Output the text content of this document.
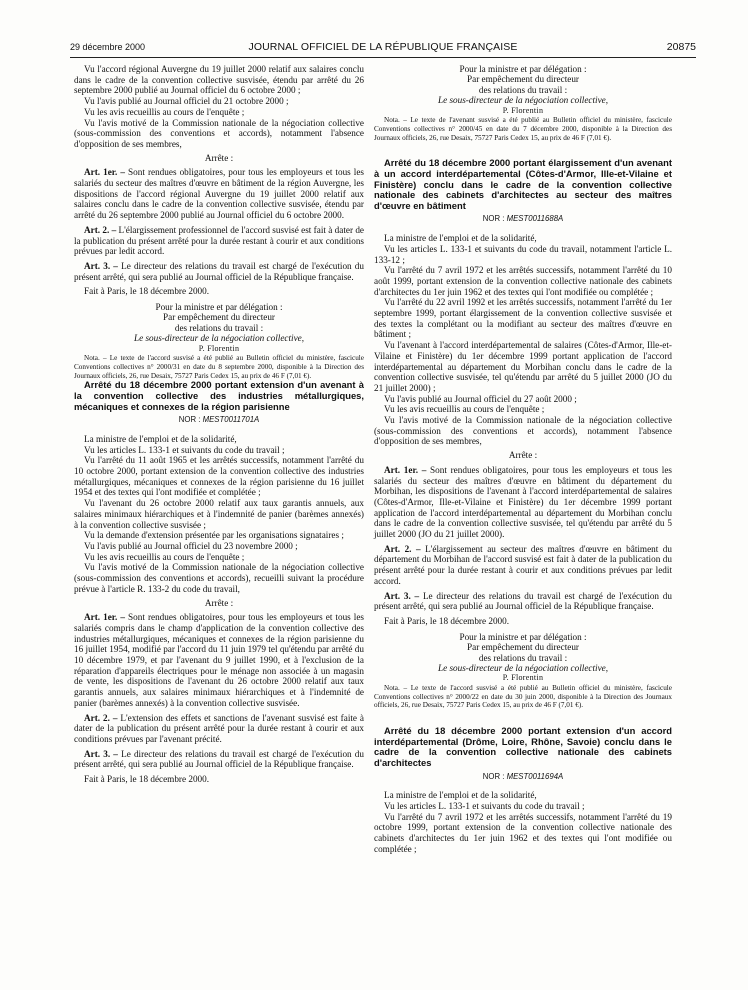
29 décembre 2000	JOURNAL OFFICIEL DE LA RÉPUBLIQUE FRANÇAISE	20875

Vu l'accord régional Auvergne du 19 juillet 2000 relatif aux salaires conclu dans le cadre de la convention collective susvisée, étendu par arrêté du 26 septembre 2000 publié au Journal officiel du 6 octobre 2000 ;

Vu l'avis publié au Journal officiel du 21 octobre 2000 ;

Vu les avis recueillis au cours de l'enquête ;

Vu l'avis motivé de la Commission nationale de la négociation collective (sous-commission des conventions et accords), notamment l'absence d'opposition de ses membres,

Arrête :

Art. 1er. – Sont rendues obligatoires, pour tous les employeurs et tous les salariés du secteur des maîtres d'œuvre en bâtiment de la région Auvergne, les dispositions de l'accord régional Auvergne du 19 juillet 2000 relatif aux salaires conclu dans le cadre de la convention collective susvisée, étendu par arrêté du 26 septembre 2000 publié au Journal officiel du 6 octobre 2000.

Art. 2. – L'élargissement professionnel de l'accord susvisé est fait à dater de la publication du présent arrêté pour la durée restant à courir et aux conditions prévues par ledit accord.

Art. 3. – Le directeur des relations du travail est chargé de l'exécution du présent arrêté, qui sera publié au Journal officiel de la République française.

Fait à Paris, le 18 décembre 2000.

Pour la ministre et par délégation :
Par empêchement du directeur
des relations du travail :
Le sous-directeur de la négociation collective,
P. Florentin

Nota. – Le texte de l'accord susvisé a été publié au Bulletin officiel du ministère, fascicule Conventions collectives n° 2000/31 en date du 8 septembre 2000, disponible à la Direction des Journaux officiels, 26, rue Desaix, 75727 Paris Cedex 15, au prix de 46 F (7,01 €).

Arrêté du 18 décembre 2000 portant extension d'un avenant à la convention collective des industries métallurgiques, mécaniques et connexes de la région parisienne

NOR : MESТ0011701A

La ministre de l'emploi et de la solidarité,

Vu les articles L. 133-1 et suivants du code du travail ;

Vu l'arrêté du 11 août 1965 et les arrêtés successifs, notamment l'arrêté du 10 octobre 2000, portant extension de la convention collective des industries métallurgiques, mécaniques et connexes de la région parisienne du 16 juillet 1954 et des textes qui l'ont modifiée et complétée ;

Vu l'avenant du 26 octobre 2000 relatif aux taux garantis annuels, aux salaires minimaux hiérarchiques et à l'indemnité de panier (barèmes annexés) à la convention collective susvisée ;

Vu la demande d'extension présentée par les organisations signataires ;

Vu l'avis publié au Journal officiel du 23 novembre 2000 ;

Vu les avis recueillis au cours de l'enquête ;

Vu l'avis motivé de la Commission nationale de la négociation collective (sous-commission des conventions et accords), recueilli suivant la procédure prévue à l'article R. 133-2 du code du travail,

Arrête :

Art. 1er. – Sont rendues obligatoires, pour tous les employeurs et tous les salariés compris dans le champ d'application de la convention collective des industries métallurgiques, mécaniques et connexes de la région parisienne du 16 juillet 1954, modifié par l'accord du 11 juin 1979 tel qu'étendu par arrêté du 10 décembre 1979, et par l'avenant du 9 juillet 1990, et à l'exclusion de la réparation d'appareils électriques pour le ménage non associée à un magasin de vente, les dispositions de l'avenant du 26 octobre 2000 relatif aux taux garantis annuels, aux salaires minimaux hiérarchiques et à l'indemnité de panier (barèmes annexés) à la convention collective susvisée.

Art. 2. – L'extension des effets et sanctions de l'avenant susvisé est faite à dater de la publication du présent arrêté pour la durée restant à courir et aux conditions prévues par l'avenant précité.

Art. 3. – Le directeur des relations du travail est chargé de l'exécution du présent arrêté, qui sera publié au Journal officiel de la République française.

Fait à Paris, le 18 décembre 2000.

Pour la ministre et par délégation :
Par empêchement du directeur
des relations du travail :
Le sous-directeur de la négociation collective,
P. Florentin

Nota. – Le texte de l'avenant susvisé a été publié au Bulletin officiel du ministère, fascicule Conventions collectives n° 2000/45 en date du 7 décembre 2000, disponible à la Direction des Journaux officiels, 26, rue Desaix, 75727 Paris Cedex 15, au prix de 46 F (7,01 €).

Arrêté du 18 décembre 2000 portant élargissement d'un avenant à un accord interdépartemental (Côtes-d'Armor, Ille-et-Vilaine et Finistère) conclu dans le cadre de la convention collective nationale des cabinets d'architectes au secteur des maîtres d'œuvre en bâtiment

NOR : MESТ0011688A

La ministre de l'emploi et de la solidarité,

Vu les articles L. 133-1 et suivants du code du travail, notamment l'article L. 133-12 ;

Vu l'arrêté du 7 avril 1972 et les arrêtés successifs, notamment l'arrêté du 10 août 1999, portant extension de la convention collective nationale des cabinets d'architectes du 1er juin 1962 et des textes qui l'ont modifiée ou complétée ;

Vu l'arrêté du 22 avril 1992 et les arrêtés successifs, notamment l'arrêté du 1er septembre 1999, portant élargissement de la convention collective susvisée et des textes la complétant ou la modifiant au secteur des maîtres d'œuvre en bâtiment ;

Vu l'avenant à l'accord interdépartemental de salaires (Côtes-d'Armor, Ille-et-Vilaine et Finistère) du 1er décembre 1999 portant application de l'accord interdépartemental au département du Morbihan conclu dans le cadre de la convention collective susvisée, tel qu'étendu par arrêté du 5 juillet 2000 (JO du 21 juillet 2000) ;

Vu l'avis publié au Journal officiel du 27 août 2000 ;

Vu les avis recueillis au cours de l'enquête ;

Vu l'avis motivé de la Commission nationale de la négociation collective (sous-commission des conventions et accords), notamment l'absence d'opposition de ses membres,

Arrête :

Art. 1er. – Sont rendues obligatoires, pour tous les employeurs et tous les salariés du secteur des maîtres d'œuvre en bâtiment du département du Morbihan, les dispositions de l'avenant à l'accord interdépartemental de salaires (Côtes-d'Armor, Ille-et-Vilaine et Finistère) du 1er décembre 1999 portant application de l'accord interdépartemental au département du Morbihan conclu dans le cadre de la convention collective susvisée, tel qu'étendu par arrêté du 5 juillet 2000 (JO du 21 juillet 2000).

Art. 2. – L'élargissement au secteur des maîtres d'œuvre en bâtiment du département du Morbihan de l'accord susvisé est fait à dater de la publication du présent arrêté pour la durée restant à courir et aux conditions prévues par ledit accord.

Art. 3. – Le directeur des relations du travail est chargé de l'exécution du présent arrêté, qui sera publié au Journal officiel de la République française.

Fait à Paris, le 18 décembre 2000.

Pour la ministre et par délégation :
Par empêchement du directeur
des relations du travail :
Le sous-directeur de la négociation collective,
P. Florentin

Nota. – Le texte de l'accord susvisé a été publié au Bulletin officiel du ministère, fascicule Conventions collectives n° 2000/22 en date du 30 juin 2000, disponible à la Direction des Journaux officiels, 26, rue Desaix, 75727 Paris Cedex 15, au prix de 46 F (7,01 €).

Arrêté du 18 décembre 2000 portant extension d'un accord interdépartemental (Drôme, Loire, Rhône, Savoie) conclu dans le cadre de la convention collective nationale des cabinets d'architectes

NOR : MESТ0011694A

La ministre de l'emploi et de la solidarité,

Vu les articles L. 133-1 et suivants du code du travail ;

Vu l'arrêté du 7 avril 1972 et les arrêtés successifs, notamment l'arrêté du 19 octobre 1999, portant extension de la convention collective nationale des cabinets d'architectes du 1er juin 1962 et des textes qui l'ont modifiée ou complétée ;
